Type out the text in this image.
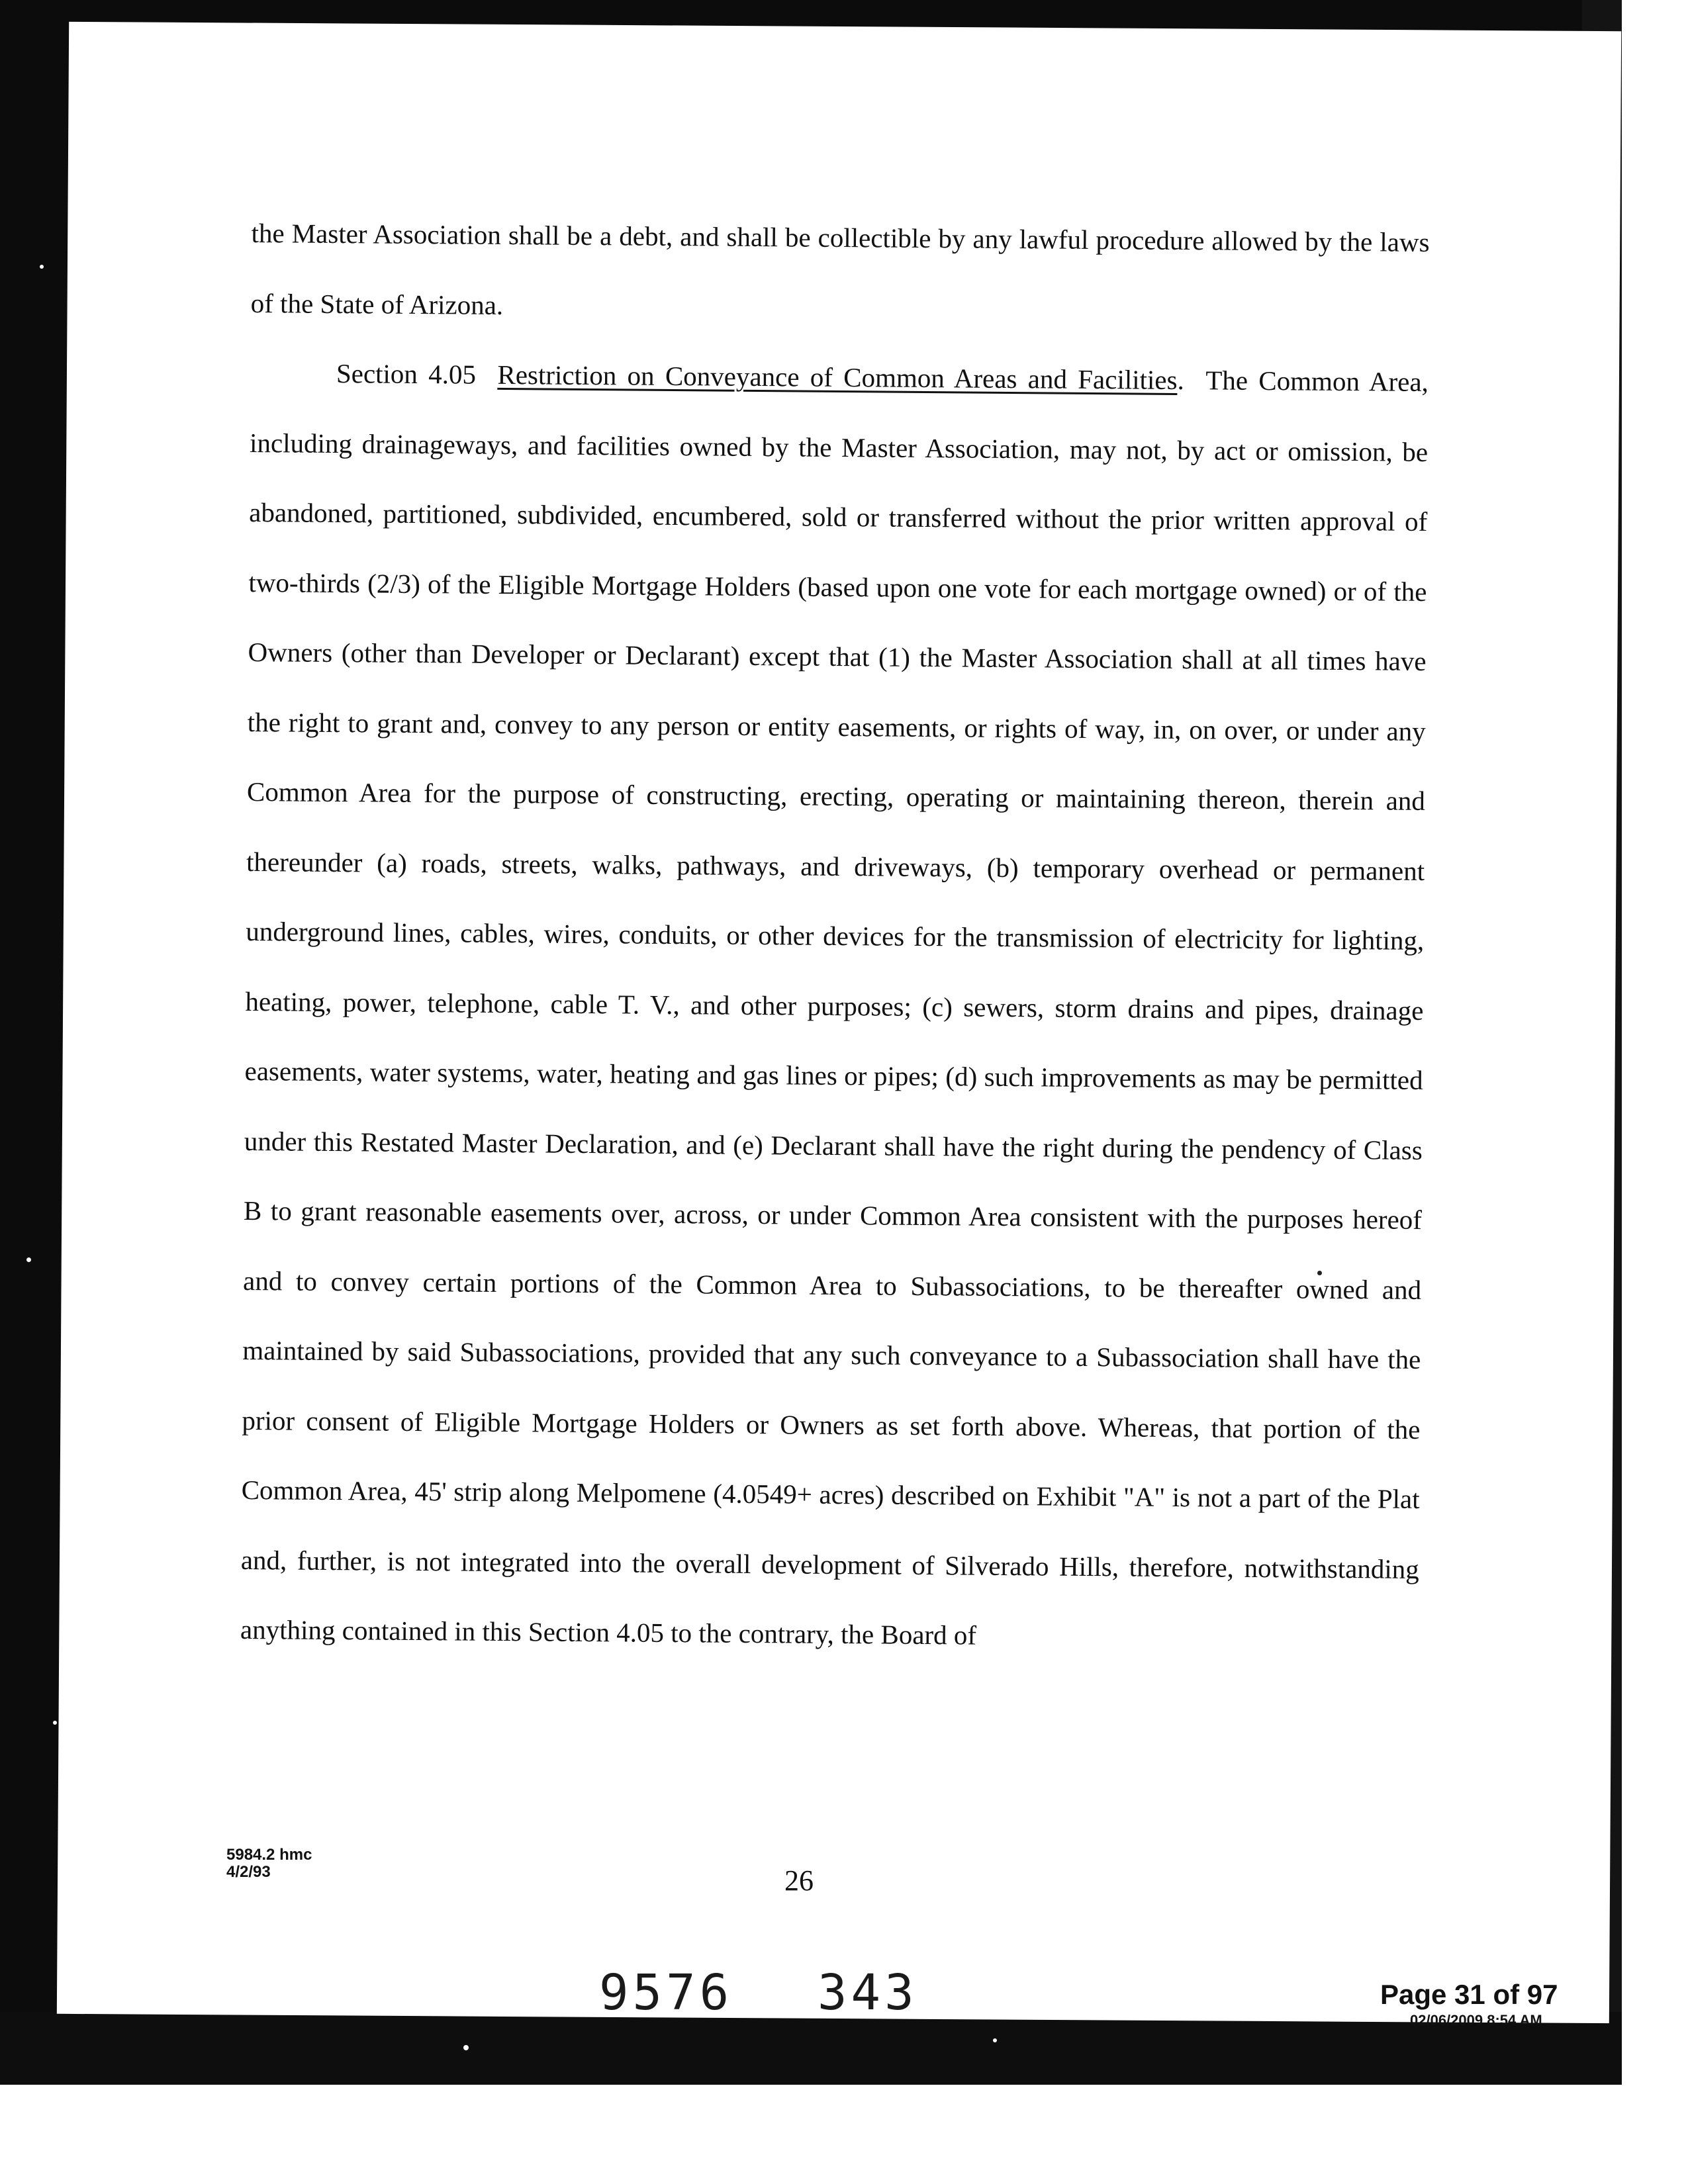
the Master Association shall be a debt, and shall be collectible by any lawful procedure allowed by the laws of the State of Arizona.

Section 4.05 Restriction on Conveyance of Common Areas and Facilities. The Common Area, including drainageways, and facilities owned by the Master Association, may not, by act or omission, be abandoned, partitioned, subdivided, encumbered, sold or transferred without the prior written approval of two-thirds (2/3) of the Eligible Mortgage Holders (based upon one vote for each mortgage owned) or of the Owners (other than Developer or Declarant) except that (1) the Master Association shall at all times have the right to grant and, convey to any person or entity easements, or rights of way, in, on over, or under any Common Area for the purpose of constructing, erecting, operating or maintaining thereon, therein and thereunder (a) roads, streets, walks, pathways, and driveways, (b) temporary overhead or permanent underground lines, cables, wires, conduits, or other devices for the transmission of electricity for lighting, heating, power, telephone, cable T. V., and other purposes; (c) sewers, storm drains and pipes, drainage easements, water systems, water, heating and gas lines or pipes; (d) such improvements as may be permitted under this Restated Master Declaration, and (e) Declarant shall have the right during the pendency of Class B to grant reasonable easements over, across, or under Common Area consistent with the purposes hereof and to convey certain portions of the Common Area to Subassociations, to be thereafter owned and maintained by said Subassociations, provided that any such conveyance to a Subassociation shall have the prior consent of Eligible Mortgage Holders or Owners as set forth above. Whereas, that portion of the Common Area, 45' strip along Melpomene (4.0549+ acres) described on Exhibit "A" is not a part of the Plat and, further, is not integrated into the overall development of Silverado Hills, therefore, notwithstanding anything contained in this Section 4.05 to the contrary, the Board of

5984.2 hmc
4/2/93	26
9576 343	Page 31 of 97
02/06/2009 8:54 AM
